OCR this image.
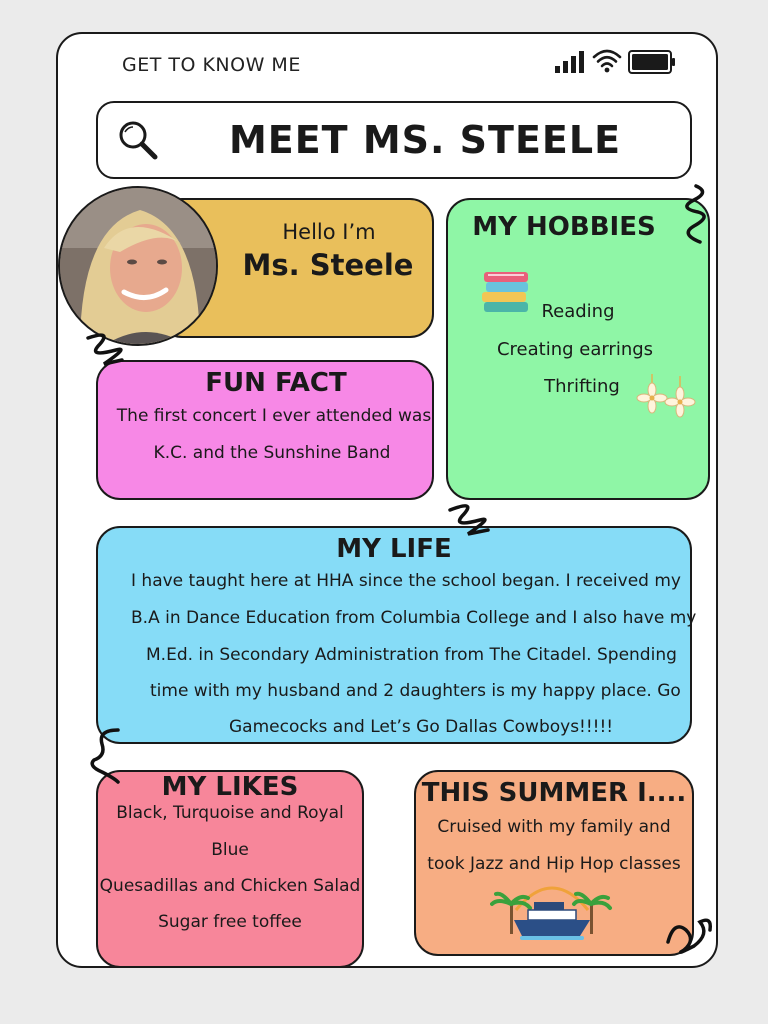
GET TO KNOW ME
MEET MS. STEELE
Hello I’m
Ms. Steele
MY HOBBIES
Reading
Creating earrings
Thrifting
FUN FACT
The first concert I ever attended was
K.C. and the Sunshine Band
MY LIFE
I have taught here at HHA since the school began. I received my
B.A in Dance Education from Columbia College and I also have my
M.Ed. in Secondary Administration from The Citadel. Spending
time with my husband and 2 daughters is my happy place. Go
Gamecocks and Let’s Go Dallas Cowboys!!!!!
MY LIKES
Black, Turquoise and Royal
Blue
Quesadillas and Chicken Salad
Sugar free toffee
THIS SUMMER I....
Cruised with my family and
took Jazz and Hip Hop classes
